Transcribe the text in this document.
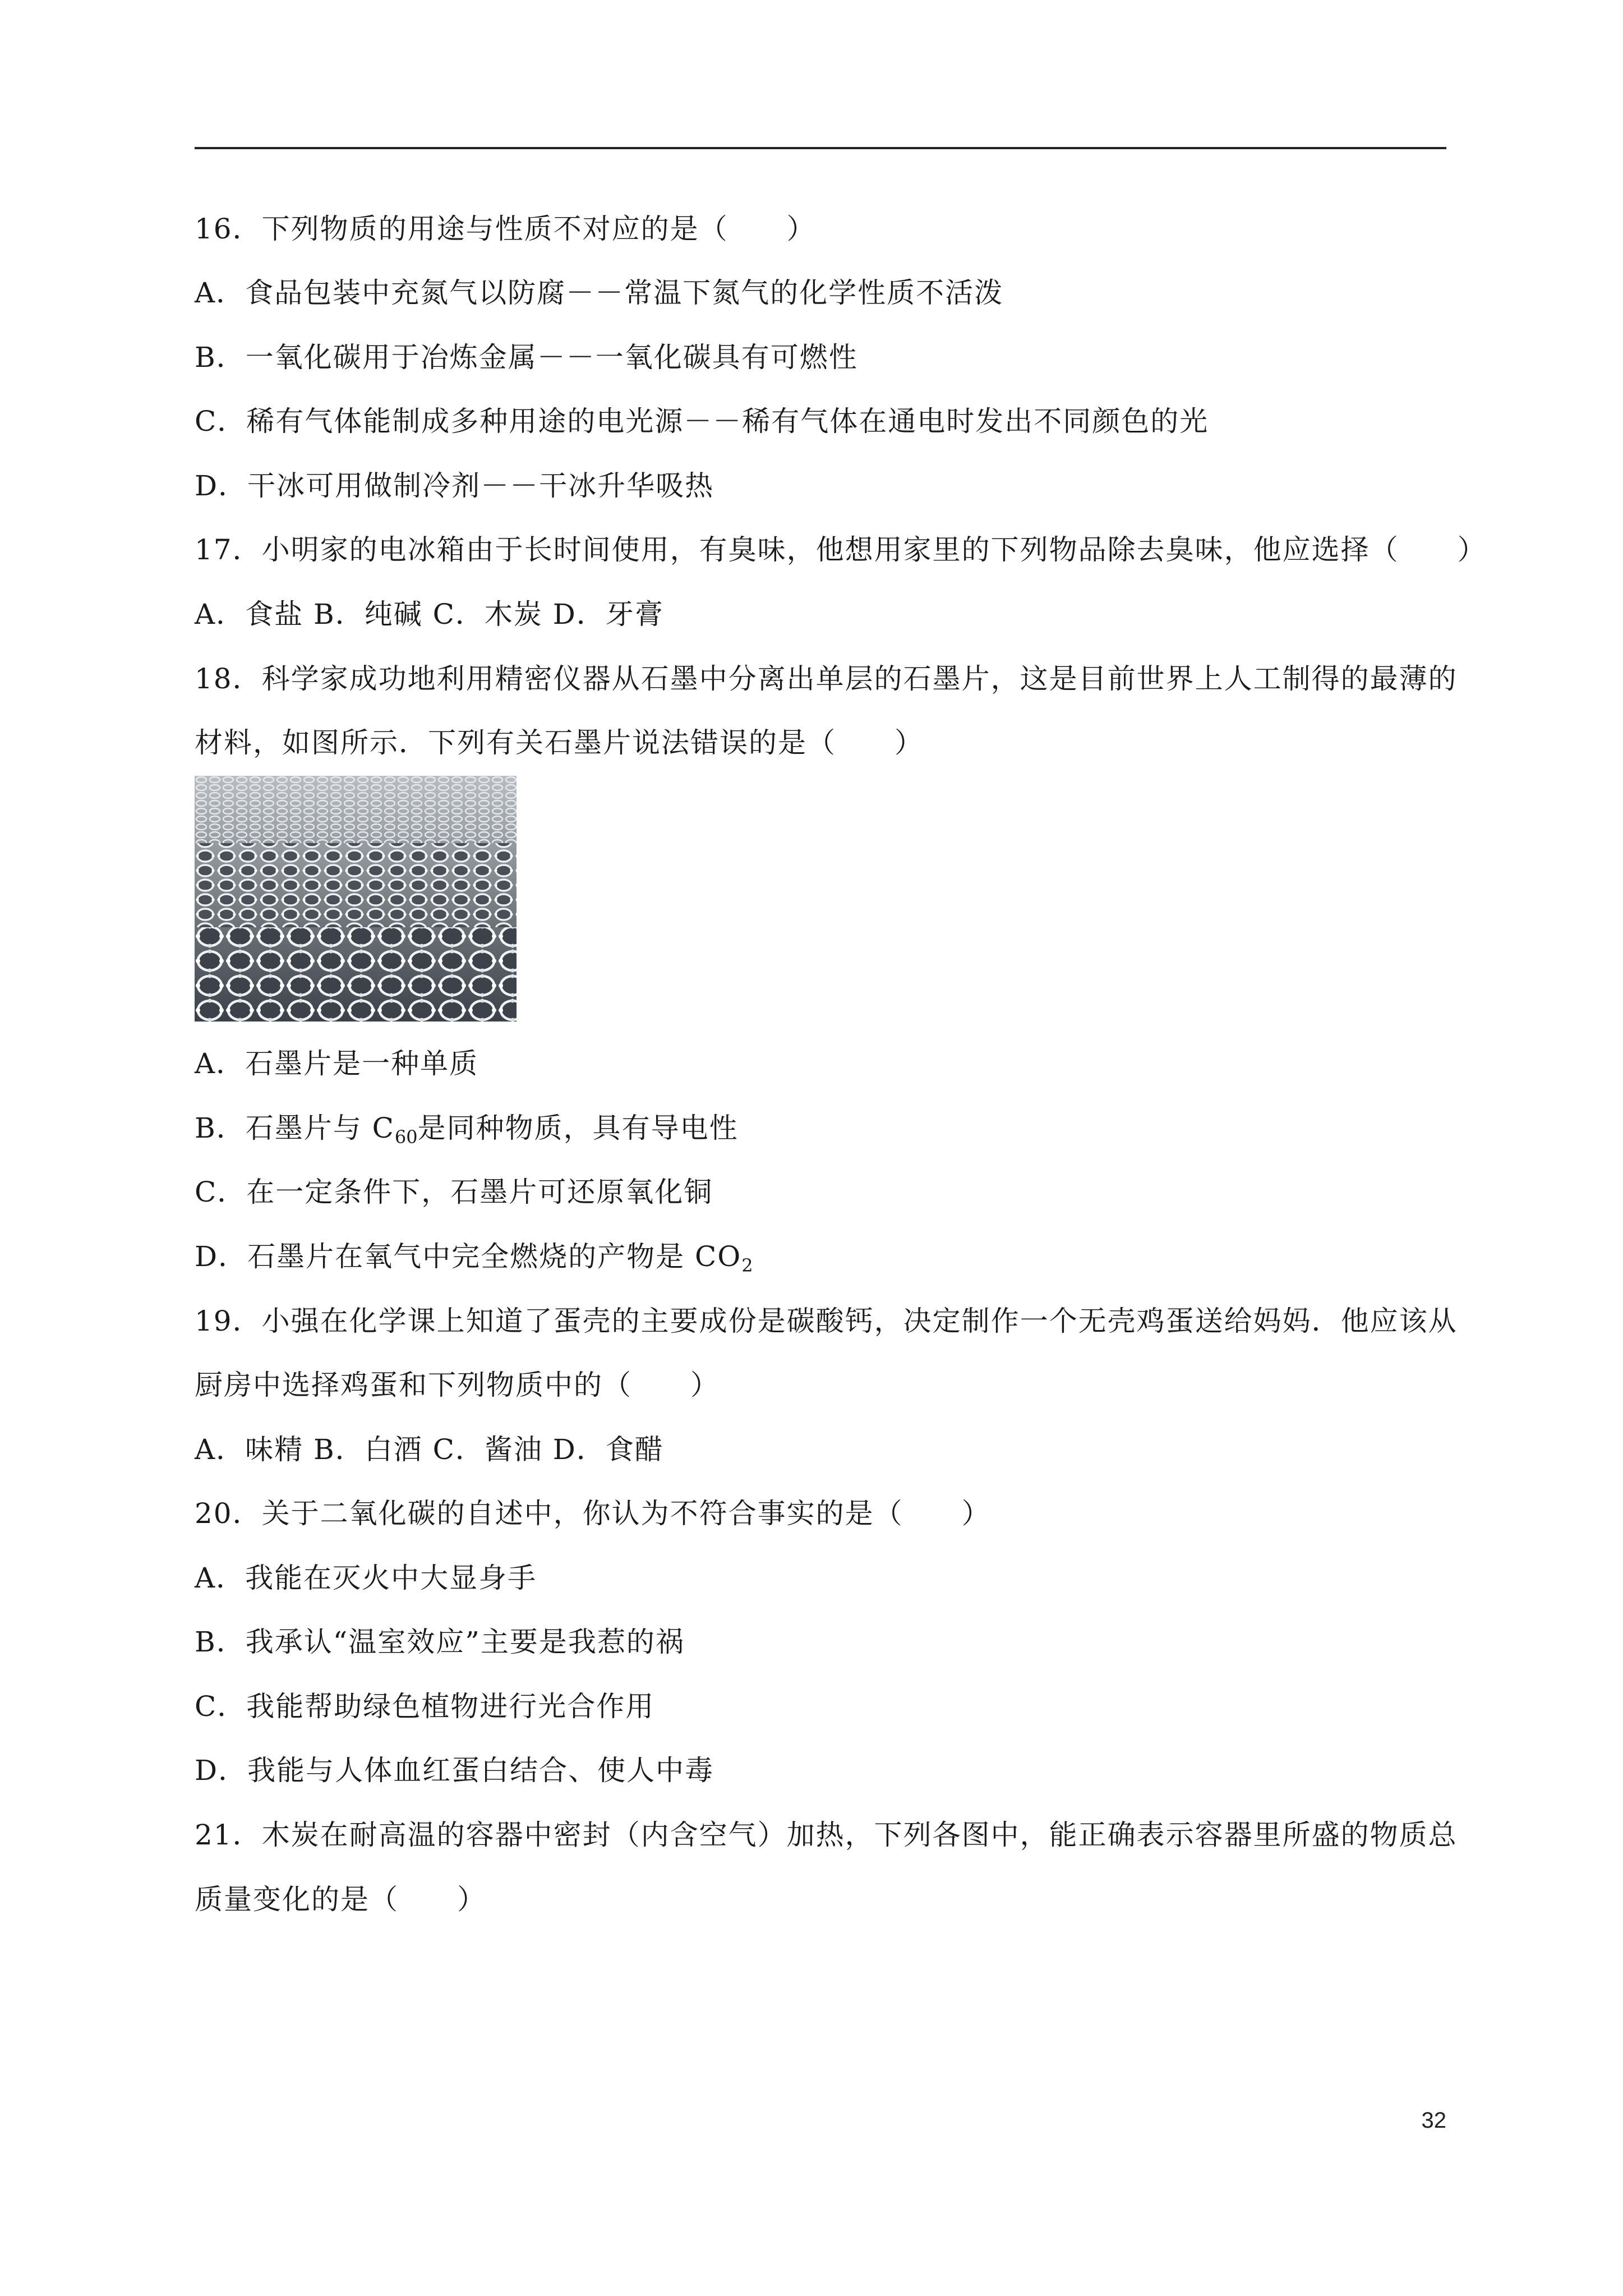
16．下列物质的用途与性质不对应的是（　　）
A．食品包装中充氮气以防腐－－常温下氮气的化学性质不活泼
B．一氧化碳用于冶炼金属－－一氧化碳具有可燃性
C．稀有气体能制成多种用途的电光源－－稀有气体在通电时发出不同颜色的光
D．干冰可用做制冷剂－－干冰升华吸热
17．小明家的电冰箱由于长时间使用，有臭味，他想用家里的下列物品除去臭味，他应选择（　　）
A．食盐 B．纯碱 C．木炭 D．牙膏
18．科学家成功地利用精密仪器从石墨中分离出单层的石墨片，这是目前世界上人工制得的最薄的
材料，如图所示．下列有关石墨片说法错误的是（　　）
A．石墨片是一种单质
B．石墨片与 $C_{60}$是同种物质，具有导电性
C．在一定条件下，石墨片可还原氧化铜
D．石墨片在氧气中完全燃烧的产物是 $CO_2$
19．小强在化学课上知道了蛋壳的主要成份是碳酸钙，决定制作一个无壳鸡蛋送给妈妈．他应该从
厨房中选择鸡蛋和下列物质中的（　　）
A．味精 B．白酒 C．酱油 D．食醋
20．关于二氧化碳的自述中，你认为不符合事实的是（　　）
A．我能在灭火中大显身手
B．我承认“温室效应”主要是我惹的祸
C．我能帮助绿色植物进行光合作用
D．我能与人体血红蛋白结合、使人中毒
21．木炭在耐高温的容器中密封（内含空气）加热，下列各图中，能正确表示容器里所盛的物质总
质量变化的是（　　）
32
